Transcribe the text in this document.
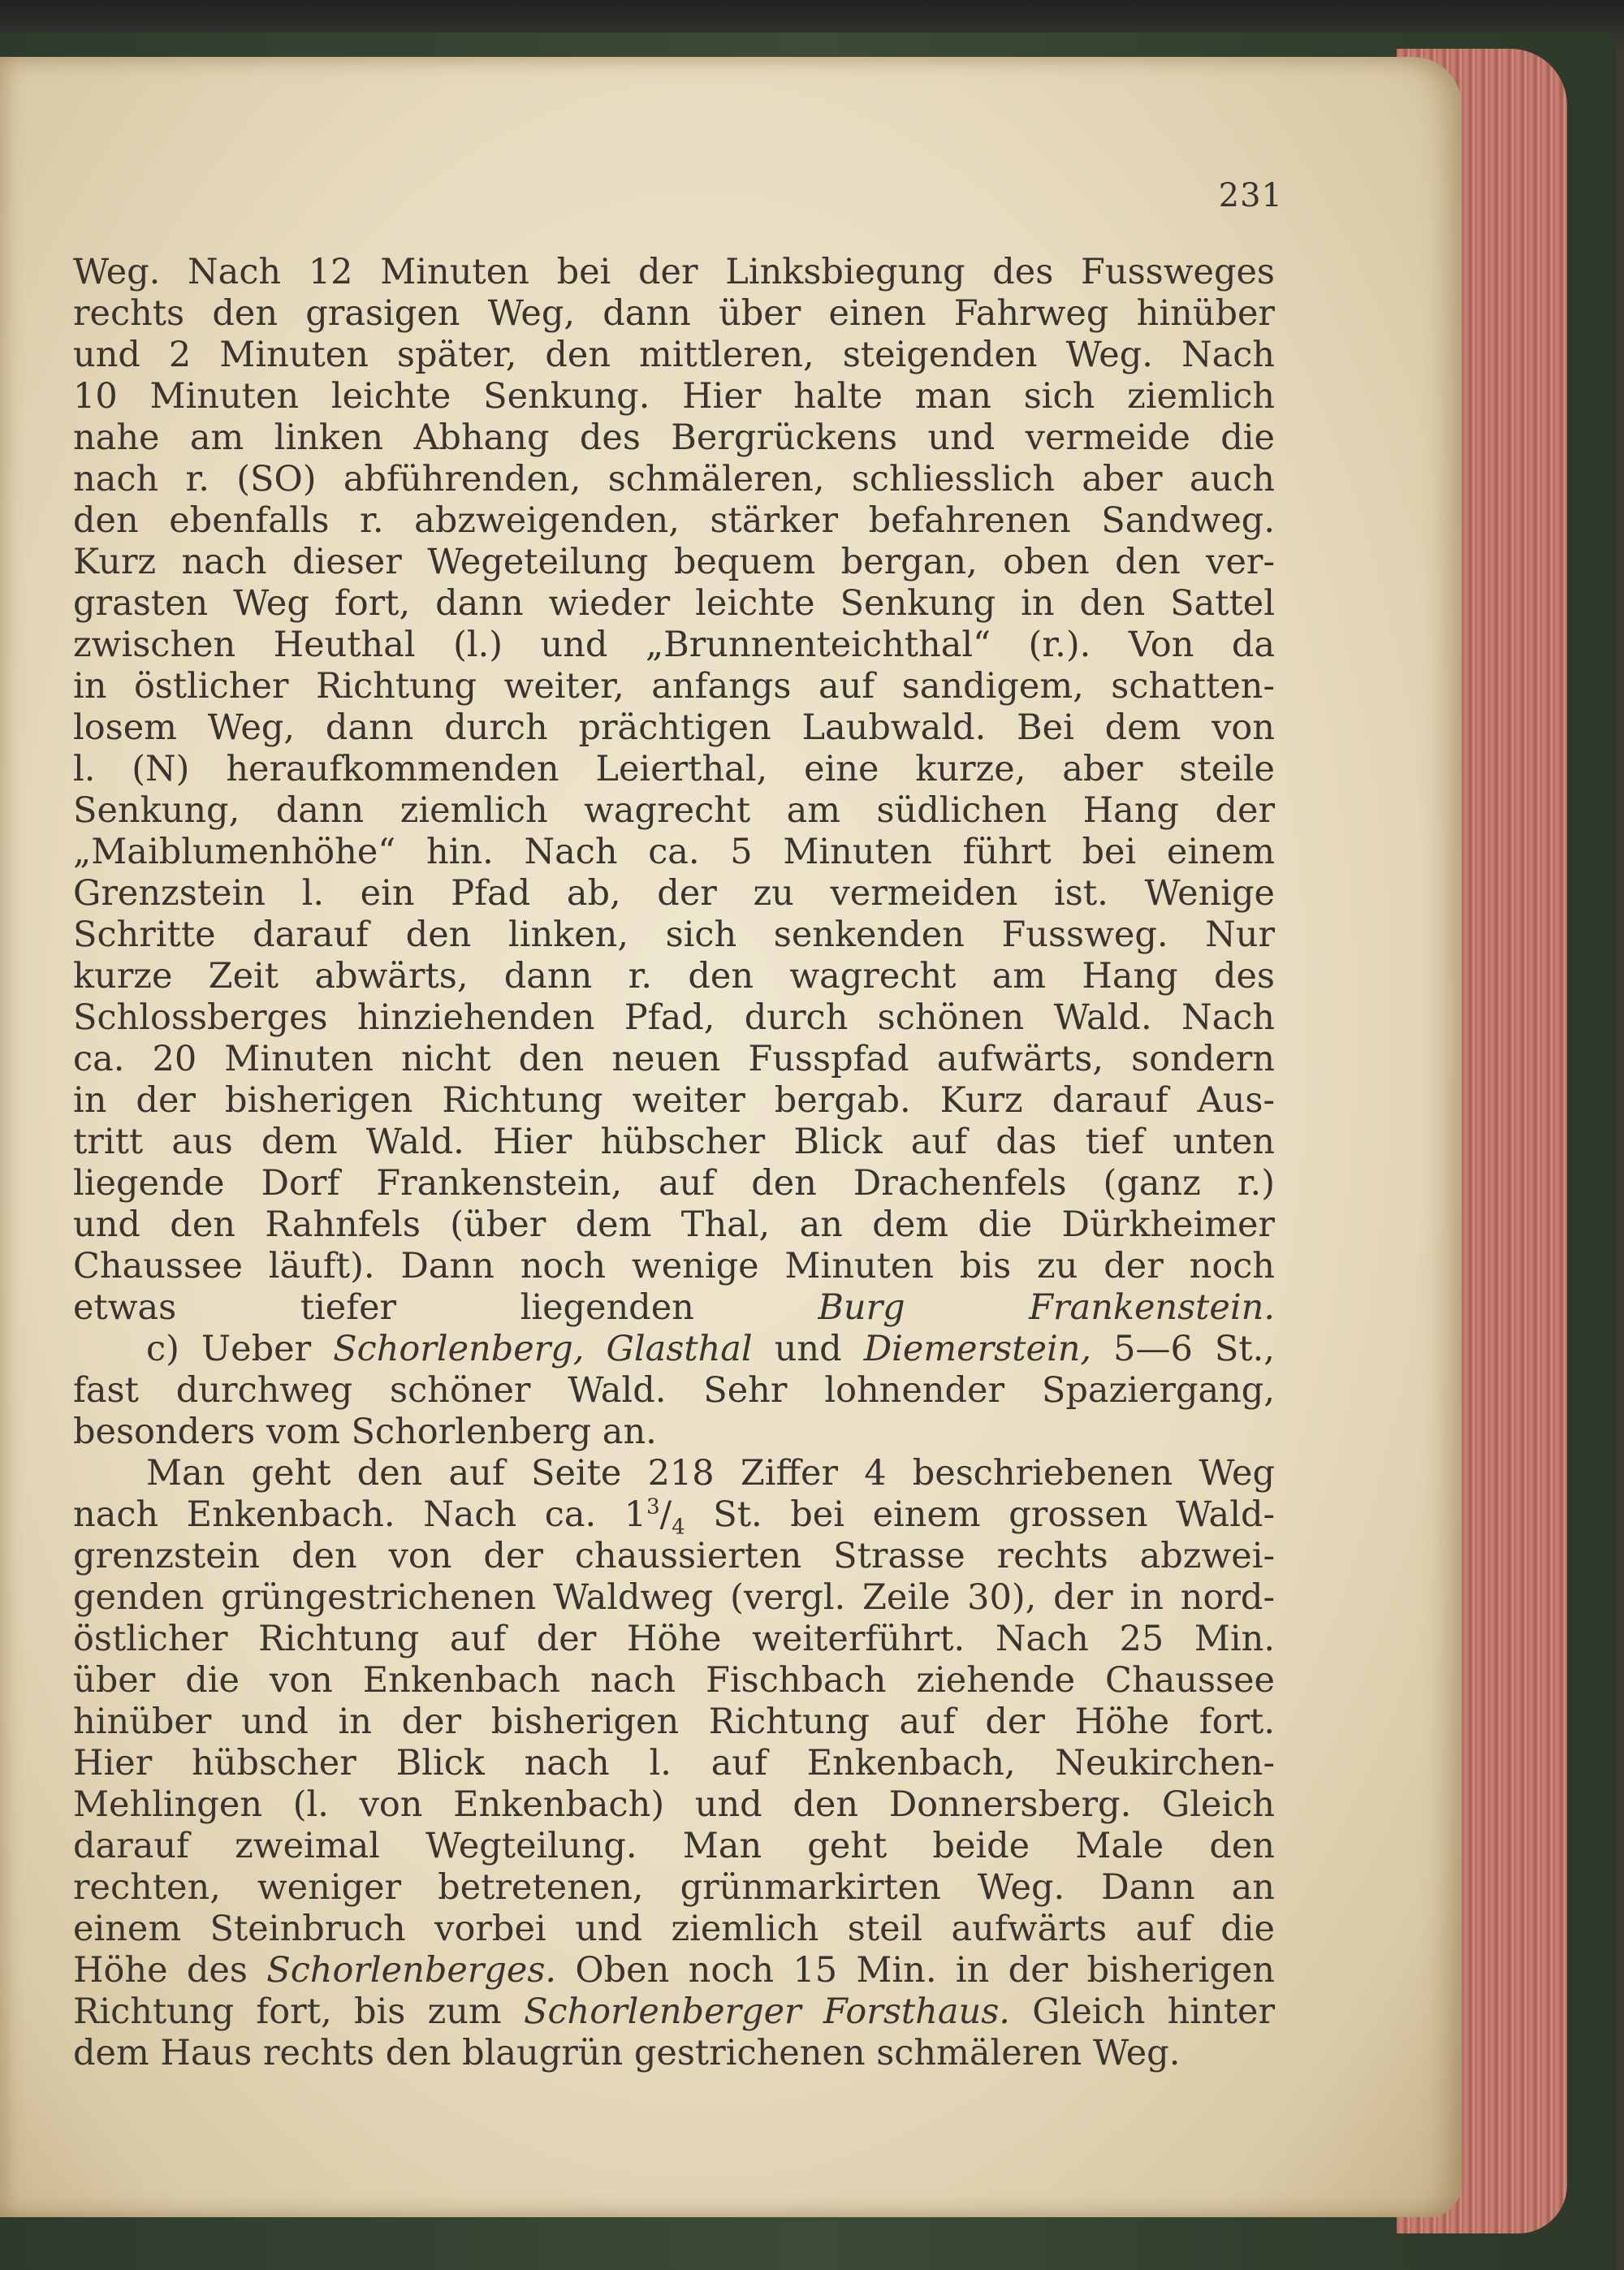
231
Weg. Nach 12 Minuten bei der Linksbiegung des Fussweges
rechts den grasigen Weg, dann über einen Fahrweg hinüber
und 2 Minuten später, den mittleren, steigenden Weg. Nach
10 Minuten leichte Senkung. Hier halte man sich ziemlich
nahe am linken Abhang des Bergrückens und vermeide die
nach r. (SO) abführenden, schmäleren, schliesslich aber auch
den ebenfalls r. abzweigenden, stärker befahrenen Sandweg.
Kurz nach dieser Wegeteilung bequem bergan, oben den ver-
grasten Weg fort, dann wieder leichte Senkung in den Sattel
zwischen Heuthal (l.) und „Brunnenteichthal“ (r.). Von da
in östlicher Richtung weiter, anfangs auf sandigem, schatten-
losem Weg, dann durch prächtigen Laubwald. Bei dem von
l. (N) heraufkommenden Leierthal, eine kurze, aber steile
Senkung, dann ziemlich wagrecht am südlichen Hang der
„Maiblumenhöhe“ hin. Nach ca. 5 Minuten führt bei einem
Grenzstein l. ein Pfad ab, der zu vermeiden ist. Wenige
Schritte darauf den linken, sich senkenden Fussweg. Nur
kurze Zeit abwärts, dann r. den wagrecht am Hang des
Schlossberges hinziehenden Pfad, durch schönen Wald. Nach
ca. 20 Minuten nicht den neuen Fusspfad aufwärts, sondern
in der bisherigen Richtung weiter bergab. Kurz darauf Aus-
tritt aus dem Wald. Hier hübscher Blick auf das tief unten
liegende Dorf Frankenstein, auf den Drachenfels (ganz r.)
und den Rahnfels (über dem Thal, an dem die Dürkheimer
Chaussee läuft). Dann noch wenige Minuten bis zu der noch
etwas tiefer liegenden Burg Frankenstein.
c) Ueber Schorlenberg, Glasthal und Diemerstein, 5—6 St.,
fast durchweg schöner Wald. Sehr lohnender Spaziergang,
besonders vom Schorlenberg an.
Man geht den auf Seite 218 Ziffer 4 beschriebenen Weg
nach Enkenbach. Nach ca. $1^3/_4$ St. bei einem grossen Wald-
grenzstein den von der chaussierten Strasse rechts abzwei-
genden grüngestrichenen Waldweg (vergl. Zeile 30), der in nord-
östlicher Richtung auf der Höhe weiterführt. Nach 25 Min.
über die von Enkenbach nach Fischbach ziehende Chaussee
hinüber und in der bisherigen Richtung auf der Höhe fort.
Hier hübscher Blick nach l. auf Enkenbach, Neukirchen-
Mehlingen (l. von Enkenbach) und den Donnersberg. Gleich
darauf zweimal Wegteilung. Man geht beide Male den
rechten, weniger betretenen, grünmarkirten Weg. Dann an
einem Steinbruch vorbei und ziemlich steil aufwärts auf die
Höhe des Schorlenberges. Oben noch 15 Min. in der bisherigen
Richtung fort, bis zum Schorlenberger Forsthaus. Gleich hinter
dem Haus rechts den blaugrün gestrichenen schmäleren Weg.
